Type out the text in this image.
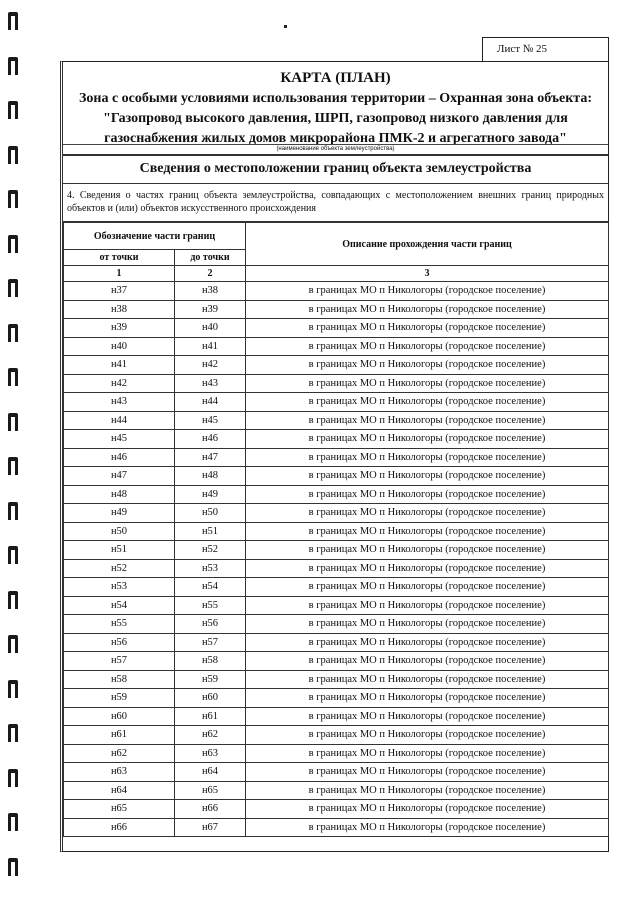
Лист № 25
КАРТА (ПЛАН)
Зона с особыми условиями использования территории – Охранная зона объекта:
"Газопровод высокого давления, ШРП, газопровод низкого давления для
газоснабжения жилых домов микрорайона ПМК-2 и агрегатного завода"
(наименование объекта землеустройства)
Сведения о местоположении границ объекта землеустройства
4. Сведения о частях границ объекта землеустройства, совпадающих с местоположением внешних границ природных объектов и (или) объектов искусственного происхождения
Обозначение части границ		Описание прохождения части границ
от точки	до точки	
1	2	3
н37	н38	в границах МО п Никологоры (городское поселение)
н38	н39	в границах МО п Никологоры (городское поселение)
н39	н40	в границах МО п Никологоры (городское поселение)
н40	н41	в границах МО п Никологоры (городское поселение)
н41	н42	в границах МО п Никологоры (городское поселение)
н42	н43	в границах МО п Никологоры (городское поселение)
н43	н44	в границах МО п Никологоры (городское поселение)
н44	н45	в границах МО п Никологоры (городское поселение)
н45	н46	в границах МО п Никологоры (городское поселение)
н46	н47	в границах МО п Никологоры (городское поселение)
н47	н48	в границах МО п Никологоры (городское поселение)
н48	н49	в границах МО п Никологоры (городское поселение)
н49	н50	в границах МО п Никологоры (городское поселение)
н50	н51	в границах МО п Никологоры (городское поселение)
н51	н52	в границах МО п Никологоры (городское поселение)
н52	н53	в границах МО п Никологоры (городское поселение)
н53	н54	в границах МО п Никологоры (городское поселение)
н54	н55	в границах МО п Никологоры (городское поселение)
н55	н56	в границах МО п Никологоры (городское поселение)
н56	н57	в границах МО п Никологоры (городское поселение)
н57	н58	в границах МО п Никологоры (городское поселение)
н58	н59	в границах МО п Никологоры (городское поселение)
н59	н60	в границах МО п Никологоры (городское поселение)
н60	н61	в границах МО п Никологоры (городское поселение)
н61	н62	в границах МО п Никологоры (городское поселение)
н62	н63	в границах МО п Никологоры (городское поселение)
н63	н64	в границах МО п Никологоры (городское поселение)
н64	н65	в границах МО п Никологоры (городское поселение)
н65	н66	в границах МО п Никологоры (городское поселение)
н66	н67	в границах МО п Никологоры (городское поселение)
